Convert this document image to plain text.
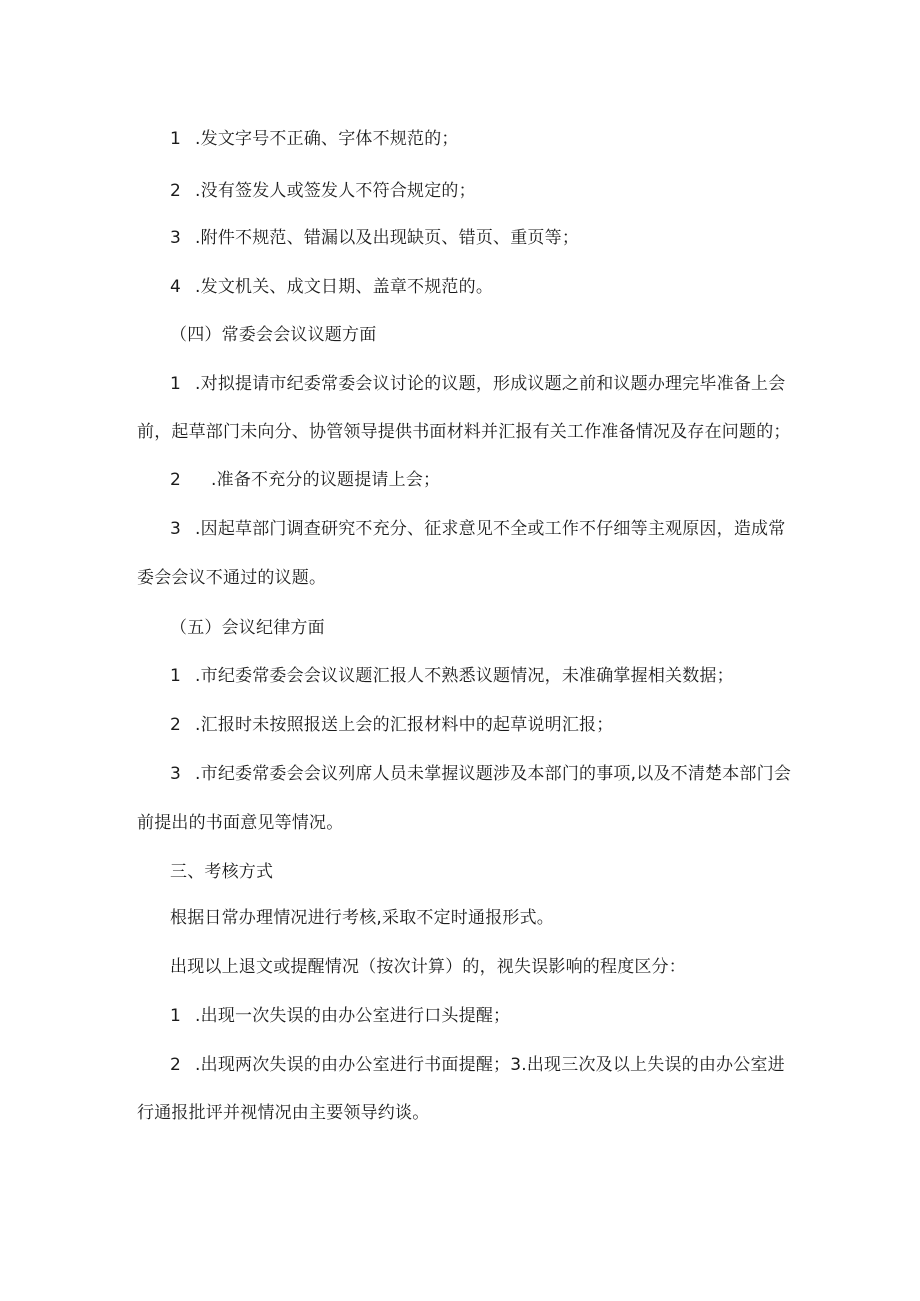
1 .发文字号不正确、字体不规范的；
2 .没有签发人或签发人不符合规定的；
3 .附件不规范、错漏以及出现缺页、错页、重页等；
4 .发文机关、成文日期、盖章不规范的。
（四）常委会会议议题方面
1 .对拟提请市纪委常委会议讨论的议题，形成议题之前和议题办理完毕准备上会
前，起草部门未向分、协管领导提供书面材料并汇报有关工作准备情况及存在问题的；
2 .准备不充分的议题提请上会；
3 .因起草部门调查研究不充分、征求意见不全或工作不仔细等主观原因，造成常
委会会议不通过的议题。
（五）会议纪律方面
1 .市纪委常委会会议议题汇报人不熟悉议题情况，未准确掌握相关数据；
2 .汇报时未按照报送上会的汇报材料中的起草说明汇报；
3 .市纪委常委会会议列席人员未掌握议题涉及本部门的事项,以及不清楚本部门会
前提出的书面意见等情况。
三、考核方式
根据日常办理情况进行考核,采取不定时通报形式。
出现以上退文或提醒情况（按次计算）的，视失误影响的程度区分：
1 .出现一次失误的由办公室进行口头提醒；
2 .出现两次失误的由办公室进行书面提醒；3.出现三次及以上失误的由办公室进
行通报批评并视情况由主要领导约谈。
